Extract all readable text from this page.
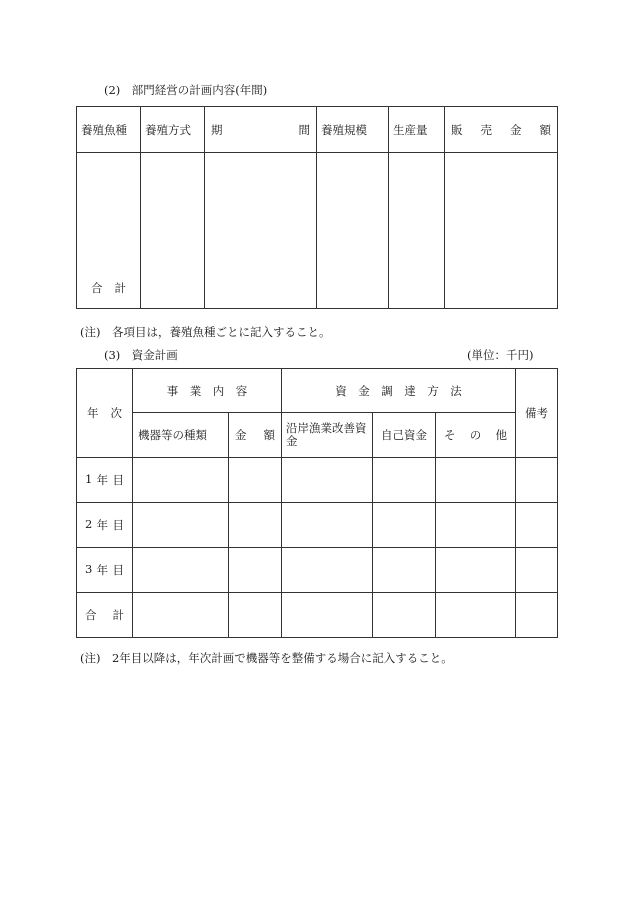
(2)　部門経営の計画内容(年間)
養殖魚種	養殖方式	期 間	養殖規模	生産量	販 売 金 額

合 計					

(注)　各項目は，養殖魚種ごとに記入すること。
(3)　資金計画	(単位：千円)
年 次	事　業　内　容		資　金　調　達　方　法			備考

機器等の種類	金 額	沿岸漁業改善資金	自己資金	そ の 他	

1 年 目						

2 年 目						

3 年 目						

合 計						

(注)　2年目以降は，年次計画で機器等を整備する場合に記入すること。
